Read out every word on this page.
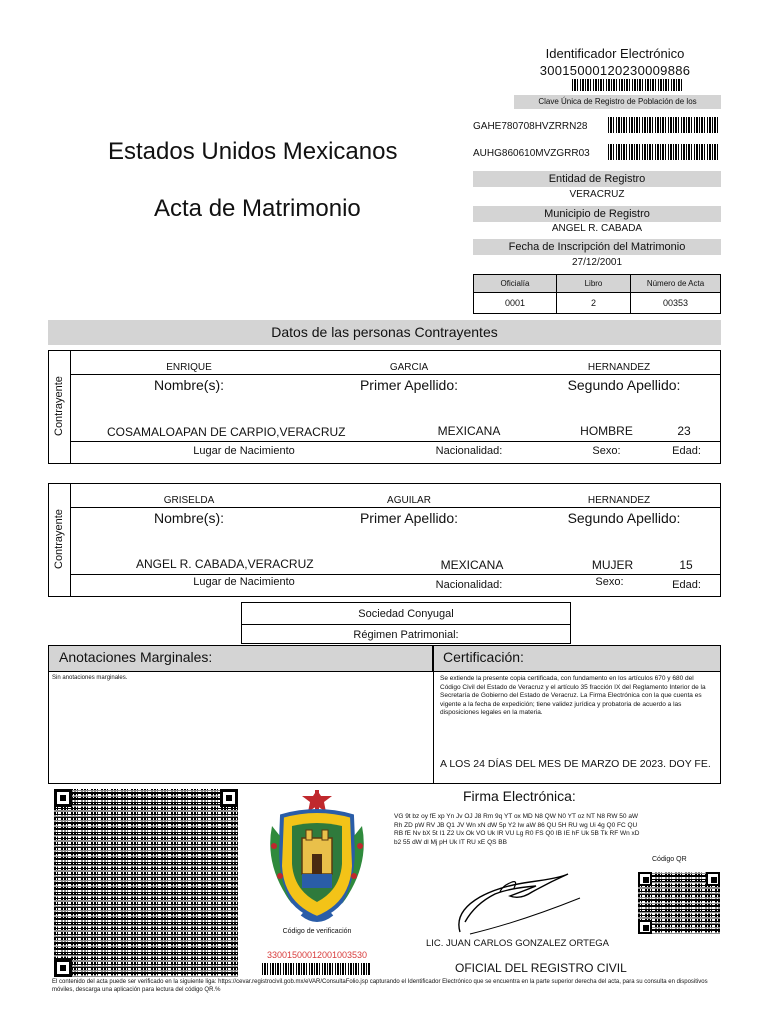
Estados Unidos Mexicanos
Acta de Matrimonio
Identificador Electrónico
30015000120230009886
Clave Única de Registro de Población de los
GAHE780708HVZRRN28
AUHG860610MVZGRR03
Entidad de Registro
VERACRUZ
Municipio de Registro
ANGEL R. CABADA
Fecha de Inscripción del Matrimonio
27/12/2001
Oficialía	Libro	Número de Acta
0001	2	00353
Datos de las personas Contrayentes
Contrayente
ENRIQUE	GARCIA	HERNANDEZ
Nombre(s):	Primer Apellido:	Segundo Apellido:
COSAMALOAPAN DE CARPIO,VERACRUZ	MEXICANA	HOMBRE	23
Lugar de Nacimiento	Nacionalidad:	Sexo:	Edad:
Contrayente
GRISELDA	AGUILAR	HERNANDEZ
Nombre(s):	Primer Apellido:	Segundo Apellido:
ANGEL R. CABADA,VERACRUZ	MEXICANA	MUJER	15
Lugar de Nacimiento	Nacionalidad:	Sexo:	Edad:
Sociedad Conyugal
Régimen Patrimonial:
Anotaciones Marginales:	Certificación:
Sin anotaciones marginales.	Se extiende la presente copia certificada, con fundamento en los artículos 670 y 680 del Código Civil del Estado de Veracruz y el artículo 35 fracción IX del Reglamento Interior de la Secretaría de Gobierno del Estado de Veracruz. La Firma Electrónica con la que cuenta es vigente a la fecha de expedición; tiene validez jurídica y probatoria de acuerdo a las disposiciones legales en la materia.
A LOS 24 DÍAS DEL MES DE MARZO DE 2023. DOY FE.
Código de verificación
33001500012001003530
Firma Electrónica:
VG 9t bz oy fE xp Yn Jv OJ J8 Rm 9q YT ox MD N8 QW N0 YT oz NT N8 RW 50 aW Rh ZD pW RV JB Q1 JV Wn xN dW 5p Y2 Iw aW 86 QU 5H RU wg Ui 4g Q0 FC QU RB fE Nv bX 5t I1 Z2 Ux Ok VO Uk IR VU Lg R0 FS Q0 IB IE hF Uk 5B Tk RF Wn xD b2 55 dW dl Mj pH Uk IT RU xE QS BB
Código QR
LIC. JUAN CARLOS GONZALEZ ORTEGA
OFICIAL DEL REGISTRO CIVIL
El contenido del acta puede ser verificado en la siguiente liga: https://cevar.registrocivil.gob.mx/eVAR/ConsultaFolio.jsp capturando el Identificador Electrónico que se encuentra en la parte superior derecha del acta, para su consulta en dispositivos móviles, descarga una aplicación para lectura del código QR.%
